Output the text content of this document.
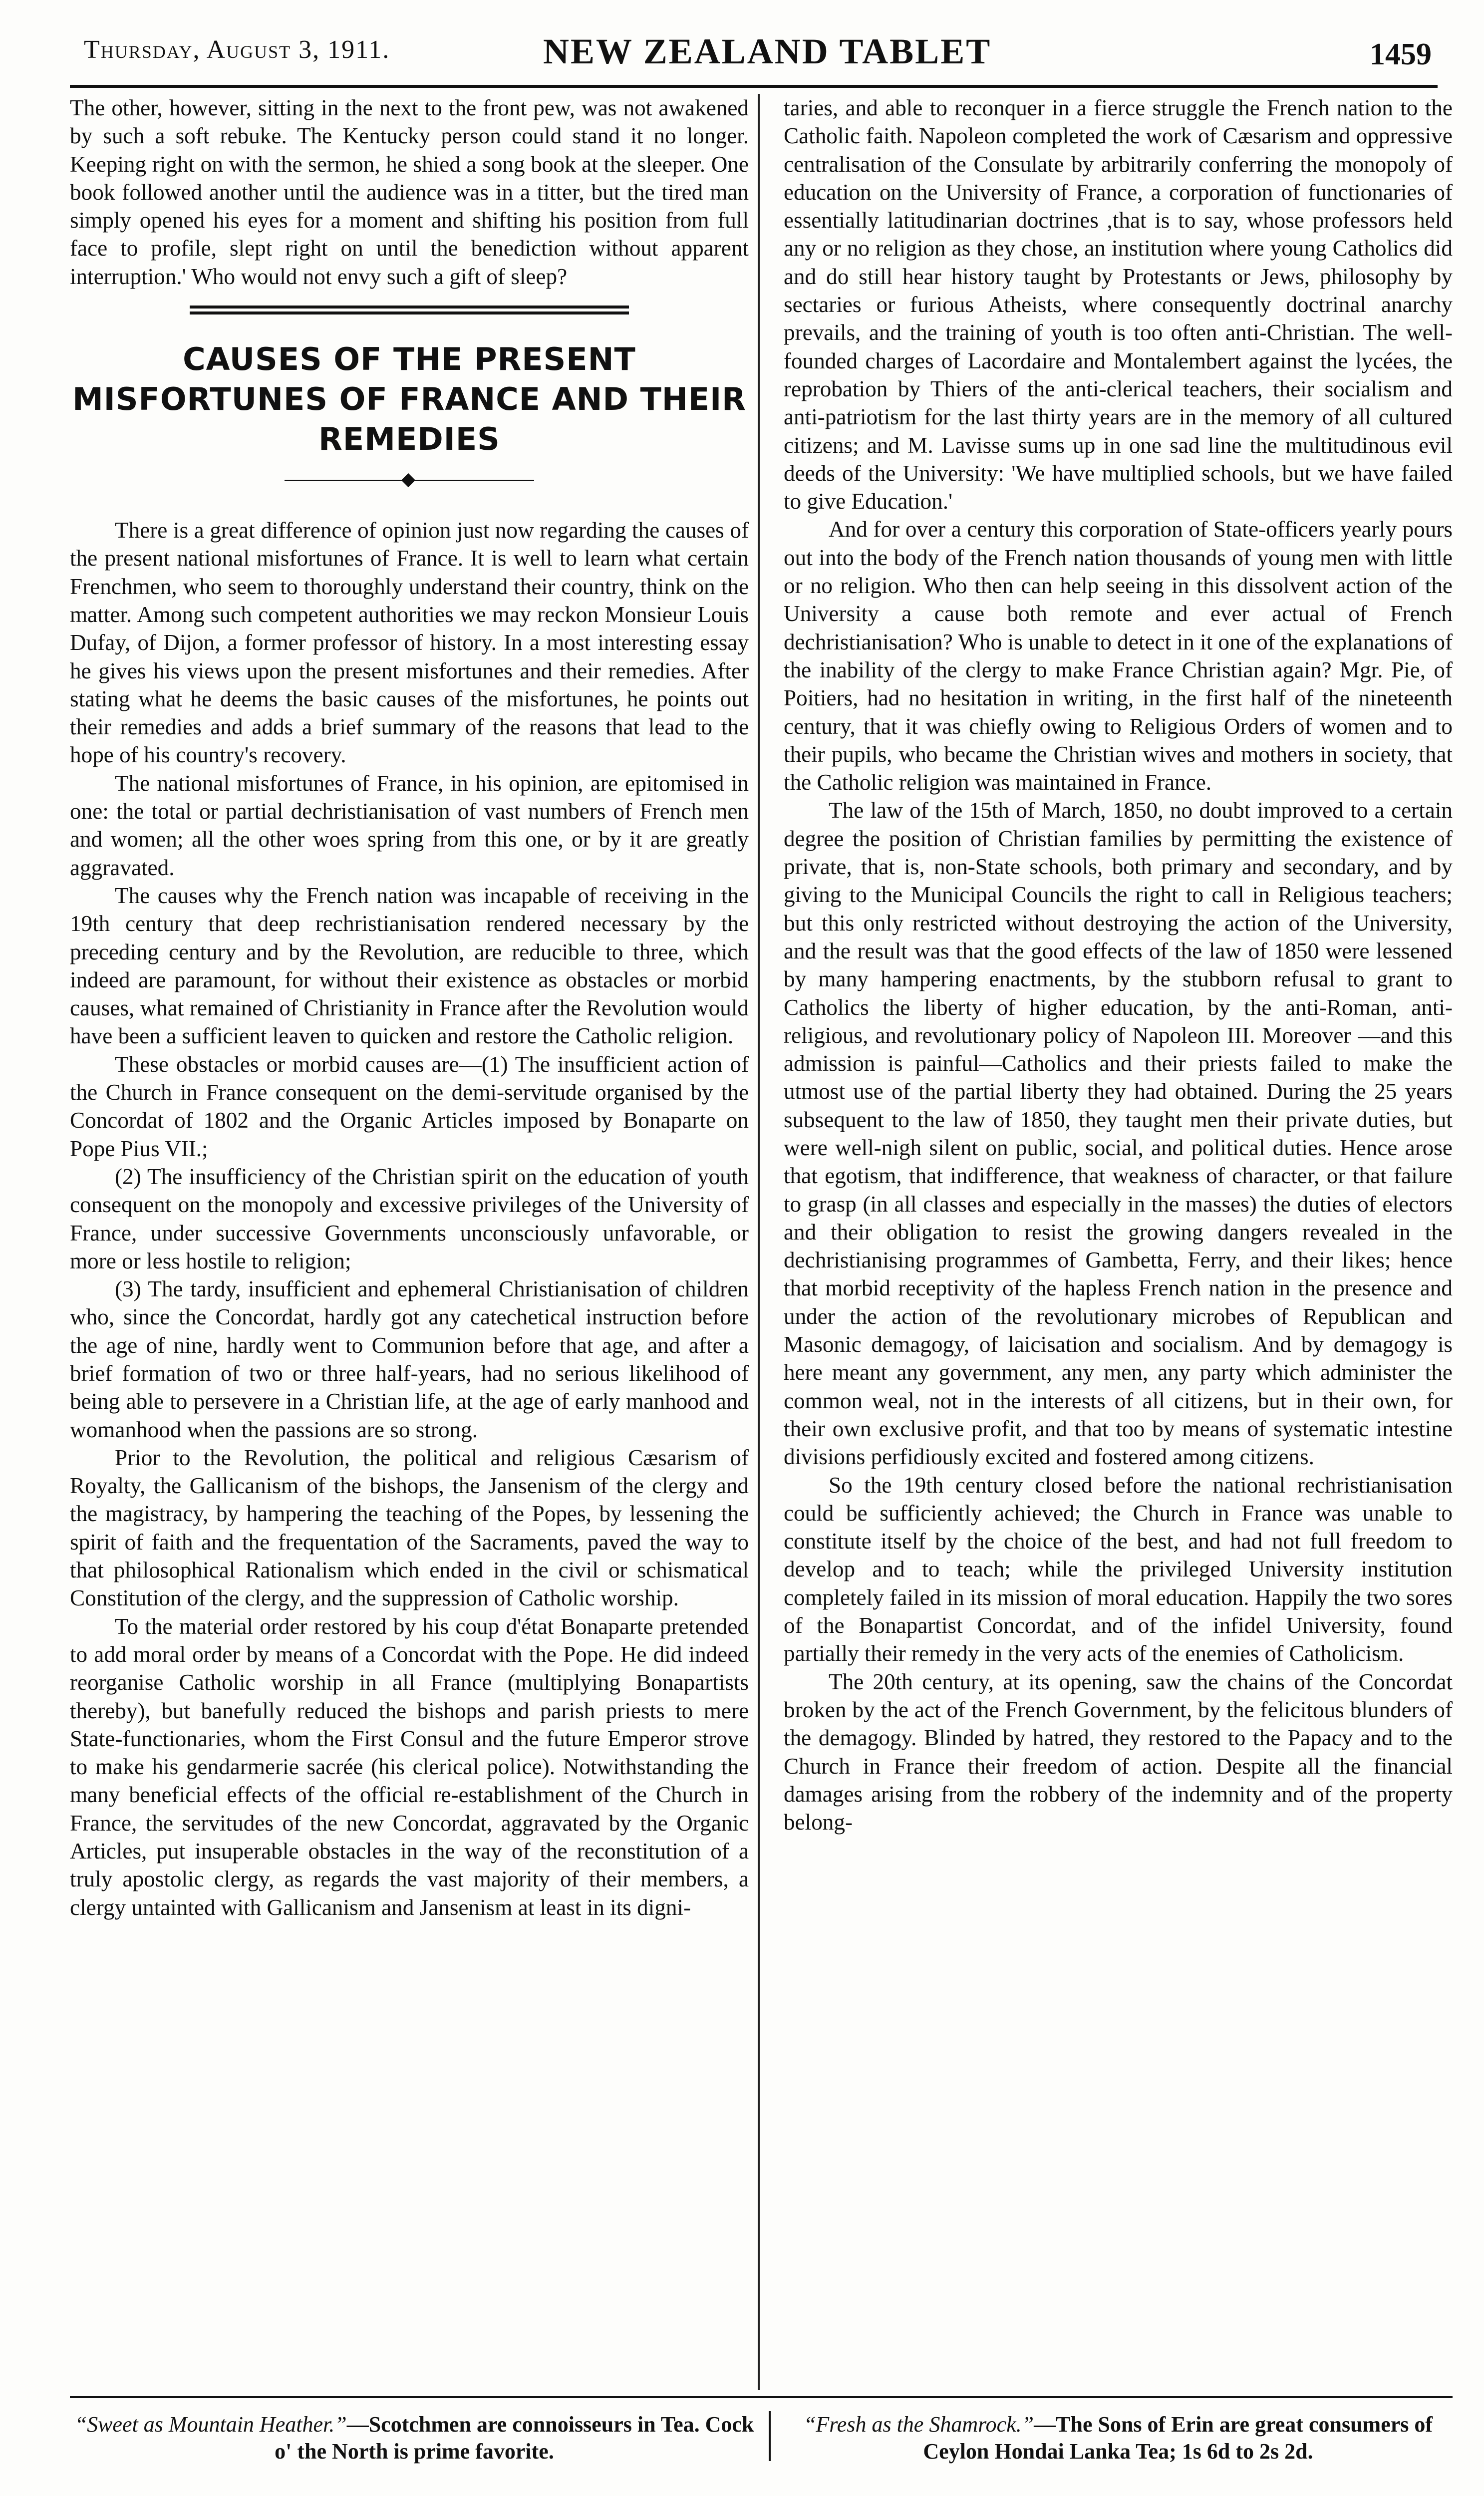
Thursday, August 3, 1911.	NEW ZEALAND TABLET	1459

The other, however, sitting in the next to the front pew, was not awakened by such a soft rebuke. The Kentucky person could stand it no longer. Keeping right on with the sermon, he shied a song book at the sleeper. One book followed another until the audience was in a titter, but the tired man simply opened his eyes for a moment and shifting his position from full face to profile, slept right on until the benediction without apparent interruption.' Who would not envy such a gift of sleep?

CAUSES OF THE PRESENT MISFORTUNES OF FRANCE AND THEIR REMEDIES

There is a great difference of opinion just now regarding the causes of the present national misfortunes of France. It is well to learn what certain Frenchmen, who seem to thoroughly understand their country, think on the matter. Among such competent authorities we may reckon Monsieur Louis Dufay, of Dijon, a former professor of history. In a most interesting essay he gives his views upon the present misfortunes and their remedies. After stating what he deems the basic causes of the misfortunes, he points out their remedies and adds a brief summary of the reasons that lead to the hope of his country's recovery.

The national misfortunes of France, in his opinion, are epitomised in one: the total or partial dechristianisation of vast numbers of French men and women; all the other woes spring from this one, or by it are greatly aggravated.

The causes why the French nation was incapable of receiving in the 19th century that deep rechristianisation rendered necessary by the preceding century and by the Revolution, are reducible to three, which indeed are paramount, for without their existence as obstacles or morbid causes, what remained of Christianity in France after the Revolution would have been a sufficient leaven to quicken and restore the Catholic religion.

These obstacles or morbid causes are—(1) The insufficient action of the Church in France consequent on the demi-servitude organised by the Concordat of 1802 and the Organic Articles imposed by Bonaparte on Pope Pius VII.;

(2) The insufficiency of the Christian spirit on the education of youth consequent on the monopoly and excessive privileges of the University of France, under successive Governments unconsciously unfavorable, or more or less hostile to religion;

(3) The tardy, insufficient and ephemeral Christianisation of children who, since the Concordat, hardly got any catechetical instruction before the age of nine, hardly went to Communion before that age, and after a brief formation of two or three half-years, had no serious likelihood of being able to persevere in a Christian life, at the age of early manhood and womanhood when the passions are so strong.

Prior to the Revolution, the political and religious Cæsarism of Royalty, the Gallicanism of the bishops, the Jansenism of the clergy and the magistracy, by hampering the teaching of the Popes, by lessening the spirit of faith and the frequentation of the Sacraments, paved the way to that philosophical Rationalism which ended in the civil or schismatical Constitution of the clergy, and the suppression of Catholic worship.

To the material order restored by his coup d'état Bonaparte pretended to add moral order by means of a Concordat with the Pope. He did indeed reorganise Catholic worship in all France (multiplying Bonapartists thereby), but banefully reduced the bishops and parish priests to mere State-functionaries, whom the First Consul and the future Emperor strove to make his gendarmerie sacrée (his clerical police). Notwithstanding the many beneficial effects of the official re-establishment of the Church in France, the servitudes of the new Concordat, aggravated by the Organic Articles, put insuperable obstacles in the way of the reconstitution of a truly apostolic clergy, as regards the vast majority of their members, a clergy untainted with Gallicanism and Jansenism at least in its digni-

taries, and able to reconquer in a fierce struggle the French nation to the Catholic faith. Napoleon completed the work of Cæsarism and oppressive centralisation of the Consulate by arbitrarily conferring the monopoly of education on the University of France, a corporation of functionaries of essentially latitudinarian doctrines ,that is to say, whose professors held any or no religion as they chose, an institution where young Catholics did and do still hear history taught by Protestants or Jews, philosophy by sectaries or furious Atheists, where consequently doctrinal anarchy prevails, and the training of youth is too often anti-Christian. The well-founded charges of Lacordaire and Montalembert against the lycées, the reprobation by Thiers of the anti-clerical teachers, their socialism and anti-patriotism for the last thirty years are in the memory of all cultured citizens; and M. Lavisse sums up in one sad line the multitudinous evil deeds of the University: 'We have multiplied schools, but we have failed to give Education.'

And for over a century this corporation of State-officers yearly pours out into the body of the French nation thousands of young men with little or no religion. Who then can help seeing in this dissolvent action of the University a cause both remote and ever actual of French dechristianisation? Who is unable to detect in it one of the explanations of the inability of the clergy to make France Christian again? Mgr. Pie, of Poitiers, had no hesitation in writing, in the first half of the nineteenth century, that it was chiefly owing to Religious Orders of women and to their pupils, who became the Christian wives and mothers in society, that the Catholic religion was maintained in France.

The law of the 15th of March, 1850, no doubt improved to a certain degree the position of Christian families by permitting the existence of private, that is, non-State schools, both primary and secondary, and by giving to the Municipal Councils the right to call in Religious teachers; but this only restricted without destroying the action of the University, and the result was that the good effects of the law of 1850 were lessened by many hampering enactments, by the stubborn refusal to grant to Catholics the liberty of higher education, by the anti-Roman, anti-religious, and revolutionary policy of Napoleon III. Moreover —and this admission is painful—Catholics and their priests failed to make the utmost use of the partial liberty they had obtained. During the 25 years subsequent to the law of 1850, they taught men their private duties, but were well-nigh silent on public, social, and political duties. Hence arose that egotism, that indifference, that weakness of character, or that failure to grasp (in all classes and especially in the masses) the duties of electors and their obligation to resist the growing dangers revealed in the dechristianising programmes of Gambetta, Ferry, and their likes; hence that morbid receptivity of the hapless French nation in the presence and under the action of the revolutionary microbes of Republican and Masonic demagogy, of laicisation and socialism. And by demagogy is here meant any government, any men, any party which administer the common weal, not in the interests of all citizens, but in their own, for their own exclusive profit, and that too by means of systematic intestine divisions perfidiously excited and fostered among citizens.

So the 19th century closed before the national rechristianisation could be sufficiently achieved; the Church in France was unable to constitute itself by the choice of the best, and had not full freedom to develop and to teach; while the privileged University institution completely failed in its mission of moral education. Happily the two sores of the Bonapartist Concordat, and of the infidel University, found partially their remedy in the very acts of the enemies of Catholicism.

The 20th century, at its opening, saw the chains of the Concordat broken by the act of the French Government, by the felicitous blunders of the demagogy. Blinded by hatred, they restored to the Papacy and to the Church in France their freedom of action. Despite all the financial damages arising from the robbery of the indemnity and of the property belong-

“Sweet as Mountain Heather.”—Scotchmen are connoisseurs in Tea. Cock o' the North is prime favorite.
“Fresh as the Shamrock.”—The Sons of Erin are great consumers of Ceylon Hondai Lanka Tea; 1s 6d to 2s 2d.
